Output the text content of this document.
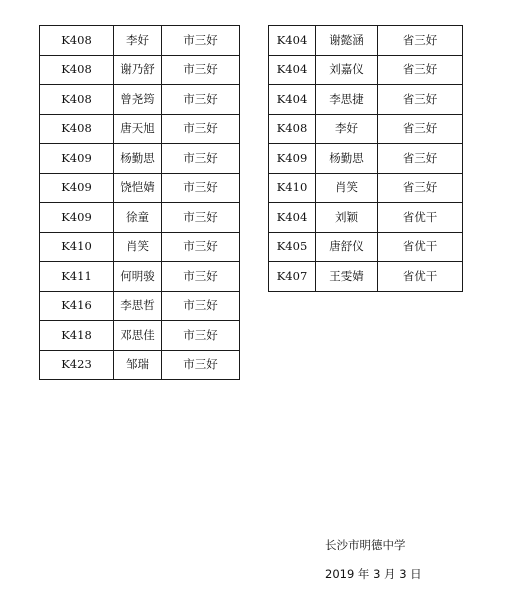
K408	李好	市三好
K408	谢乃舒	市三好
K408	曾尧筠	市三好
K408	唐天旭	市三好
K409	杨勤思	市三好
K409	饶恺婧	市三好
K409	徐童	市三好
K410	肖笑	市三好
K411	何明骏	市三好
K416	李思哲	市三好
K418	邓思佳	市三好
K423	邹瑞	市三好
K404	谢懿涵	省三好
K404	刘嘉仪	省三好
K404	李思捷	省三好
K408	李好	省三好
K409	杨勤思	省三好
K410	肖笑	省三好
K404	刘颖	省优干
K405	唐舒仪	省优干
K407	王雯婧	省优干
长沙市明德中学
2019 年 3 月 3 日
